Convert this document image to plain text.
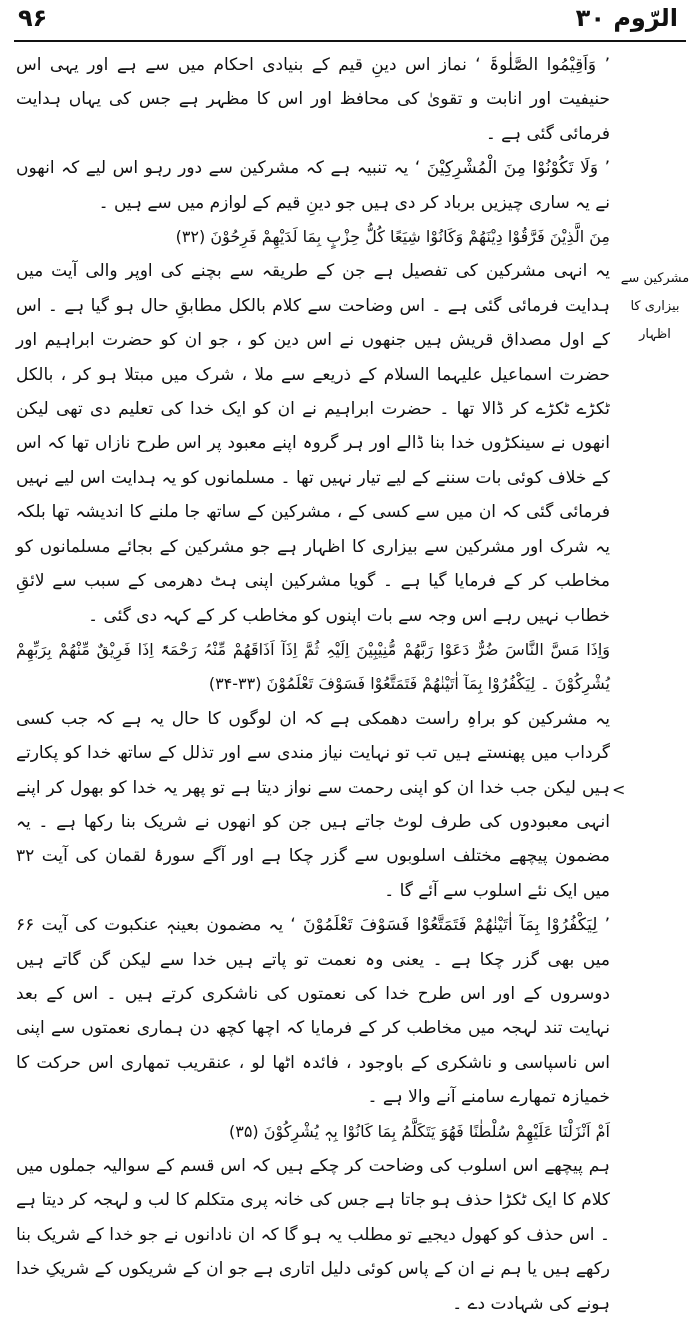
۹۶	الرّوم ۳۰
مشرکین سے بیزاری کا اظہار
<

’ وَاَقِیْمُوا الصَّلٰوۃَ ‘ نماز اس دینِ قیم کے بنیادی احکام میں سے ہے اور یہی اس حنیفیت اور انابت و تقویٰ کی محافظ اور اس کا مظہر ہے جس کی یہاں ہدایت فرمائی گئی ہے ۔

’ وَلَا تَکُوْنُوْا مِنَ الْمُشْرِکِیْنَ ‘ یہ تنبیہ ہے کہ مشرکین سے دور رہو اس لیے کہ انھوں نے یہ ساری چیزیں برباد کر دی ہیں جو دینِ قیم کے لوازم میں سے ہیں ۔

مِنَ الَّذِیْنَ فَرَّقُوْا دِیْنَھُمْ وَکَانُوْا شِیَعًا کُلُّ حِزْبٍ بِمَا لَدَیْھِمْ فَرِحُوْنَ (۳۲)

یہ انہی مشرکین کی تفصیل ہے جن کے طریقہ سے بچنے کی اوپر والی آیت میں ہدایت فرمائی گئی ہے ۔ اس وضاحت سے کلام بالکل مطابقِ حال ہو گیا ہے ۔ اس کے اول مصداق قریش ہیں جنھوں نے اس دین کو ، جو ان کو حضرت ابراہیم اور حضرت اسماعیل علیہما السلام کے ذریعے سے ملا ، شرک میں مبتلا ہو کر ، بالکل ٹکڑے ٹکڑے کر ڈالا تھا ۔ حضرت ابراہیم نے ان کو ایک خدا کی تعلیم دی تھی لیکن انھوں نے سینکڑوں خدا بنا ڈالے اور ہر گروہ اپنے معبود پر اس طرح نازاں تھا کہ اس کے خلاف کوئی بات سننے کے لیے تیار نہیں تھا ۔ مسلمانوں کو یہ ہدایت اس لیے نہیں فرمائی گئی کہ ان میں سے کسی کے ، مشرکین کے ساتھ جا ملنے کا اندیشہ تھا بلکہ یہ شرک اور مشرکین سے بیزاری کا اظہار ہے جو مشرکین کے بجائے مسلمانوں کو مخاطب کر کے فرمایا گیا ہے ۔ گویا مشرکین اپنی ہٹ دھرمی کے سبب سے لائقِ خطاب نہیں رہے اس وجہ سے بات اپنوں کو مخاطب کر کے کہہ دی گئی ۔

وَاِذَا مَسَّ النَّاسَ ضُرٌّ دَعَوْا رَبَّھُمْ مُّنِیْبِیْنَ اِلَیْہِ ثُمَّ اِذَآ اَذَاقَھُمْ مِّنْہُ رَحْمَۃً اِذَا فَرِیْقٌ مِّنْھُمْ بِرَبِّھِمْ یُشْرِکُوْنَ ۔ لِیَکْفُرُوْا بِمَآ اٰتَیْنٰھُمْ فَتَمَتَّعُوْا فَسَوْفَ تَعْلَمُوْنَ (۳۳-۳۴)

یہ مشرکین کو براہِ راست دھمکی ہے کہ ان لوگوں کا حال یہ ہے کہ جب کسی گرداب میں پھنستے ہیں تب تو نہایت نیاز مندی سے اور تذلل کے ساتھ خدا کو پکارتے ہیں لیکن جب خدا ان کو اپنی رحمت سے نواز دیتا ہے تو پھر یہ خدا کو بھول کر اپنے انہی معبودوں کی طرف لوٹ جاتے ہیں جن کو انھوں نے شریک بنا رکھا ہے ۔ یہ مضمون پیچھے مختلف اسلوبوں سے گزر چکا ہے اور آگے سورۂ لقمان کی آیت ۳۲ میں ایک نئے اسلوب سے آئے گا ۔

’ لِیَکْفُرُوْا بِمَآ اٰتَیْنٰھُمْ فَتَمَتَّعُوْا فَسَوْفَ تَعْلَمُوْنَ ‘ یہ مضمون بعینہٖ عنکبوت کی آیت ۶۶ میں بھی گزر چکا ہے ۔ یعنی وہ نعمت تو پاتے ہیں خدا سے لیکن گن گاتے ہیں دوسروں کے اور اس طرح خدا کی نعمتوں کی ناشکری کرتے ہیں ۔ اس کے بعد نہایت تند لہجہ میں مخاطب کر کے فرمایا کہ اچھا کچھ دن ہماری نعمتوں سے اپنی اس ناسپاسی و ناشکری کے باوجود ، فائدہ اٹھا لو ، عنقریب تمھاری اس حرکت کا خمیازہ تمھارے سامنے آنے والا ہے ۔

اَمْ اَنْزَلْنَا عَلَیْھِمْ سُلْطٰنًا فَھُوَ یَتَکَلَّمُ بِمَا کَانُوْا بِہٖ یُشْرِکُوْنَ (۳۵)

ہم پیچھے اس اسلوب کی وضاحت کر چکے ہیں کہ اس قسم کے سوالیہ جملوں میں کلام کا ایک ٹکڑا حذف ہو جاتا ہے جس کی خانہ پری متکلم کا لب و لہجہ کر دیتا ہے ۔ اس حذف کو کھول دیجیے تو مطلب یہ ہو گا کہ ان نادانوں نے جو خدا کے شریک بنا رکھے ہیں یا ہم نے ان کے پاس کوئی دلیل اتاری ہے جو ان کے شریکوں کے شریکِ خدا ہونے کی شہادت دے ۔
